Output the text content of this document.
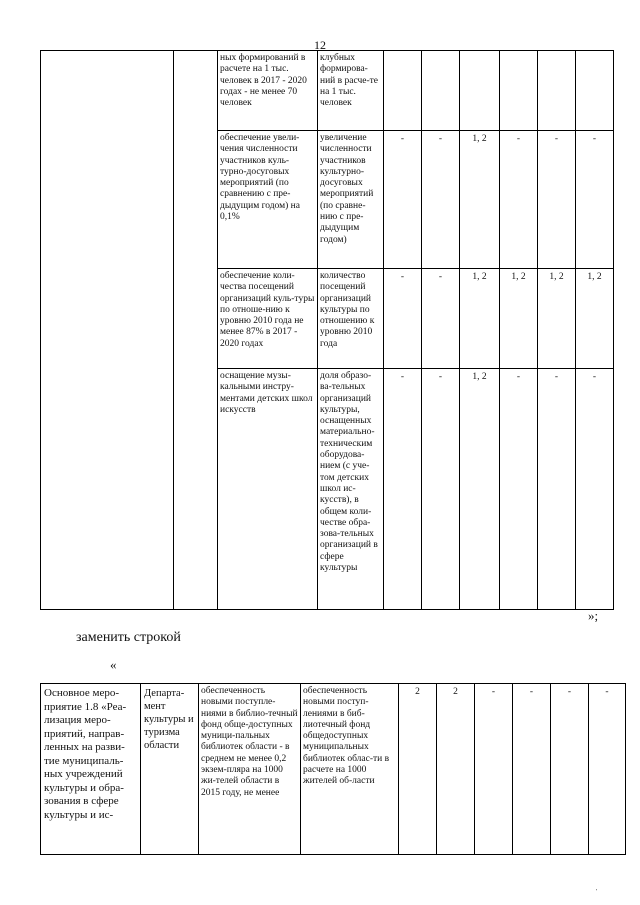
12
		ных формирований в расчете на 1 тыс. человек в 2017 - 2020 годах - не менее 70 человек	клубных формирова-ний в расче-те на 1 тыс. человек						
		обеспечение увели-чения численности участников куль-турно-досуговых мероприятий (по сравнению с пре-дыдущим годом) на 0,1%	увеличение численности участников культурно-досуговых мероприятий (по сравне-нию с пре-дыдущим годом)	-	-	1, 2	-	-	-
		обеспечение коли-чества посещений организаций куль-туры по отноше-нию к уровню 2010 года не менее 87% в 2017 - 2020 годах	количество посещений организаций культуры по отношению к уровню 2010 года	-	-	1, 2	1, 2	1, 2	1, 2
		оснащение музы-кальными инстру-ментами детских школ искусств	доля образо-ва-тельных организаций культуры, оснащенных материально-техническим оборудова-нием (с уче-том детских школ ис-кусств), в общем коли-честве обра-зова-тельных организаций в сфере культуры	-	-	1, 2	-	-	-
»;
заменить строкой
«
Основное меро-приятие 1.8 «Реа-лизация меро-приятий, направ-ленных на разви-тие муниципаль-ных учреждений культуры и обра-зования в сфере культуры и ис-	Департа-мент культуры и туризма области	обеспеченность новыми поступле-ниями в библио-течный фонд обще-доступных муници-пальных библиотек области - в среднем не менее 0,2 экзем-пляра на 1000 жи-телей области в 2015 году, не менее	обеспеченность новыми поступ-лениями в биб-лиотечный фонд общедоступных муниципальных библиотек облас-ти в расчете на 1000 жителей об-ласти	2	2	-	-	-	-
'
